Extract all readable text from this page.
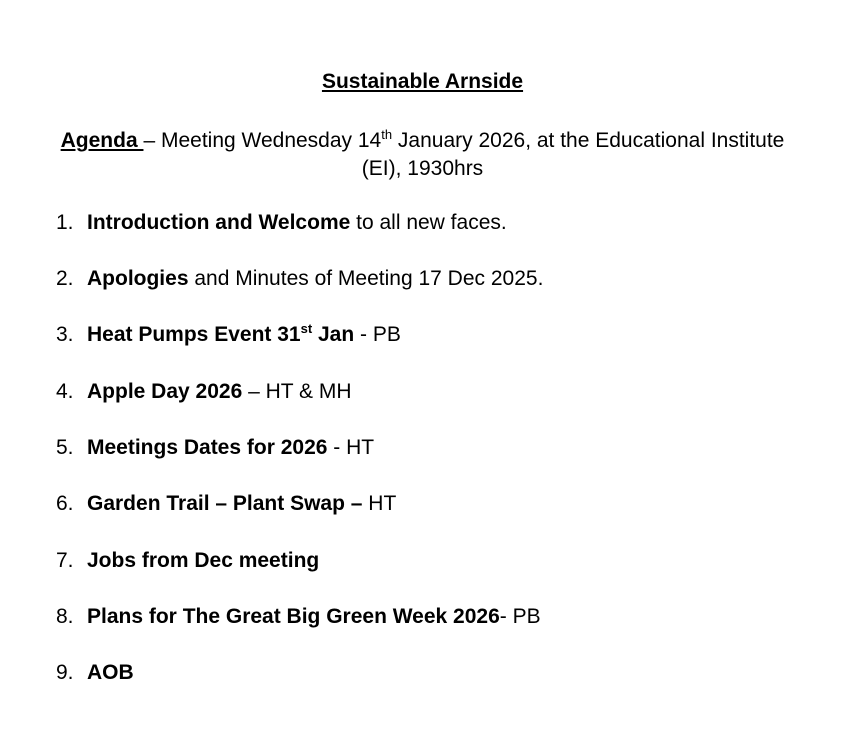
Sustainable Arnside
Agenda – Meeting Wednesday 14th January 2026, at the Educational Institute (EI), 1930hrs
1. Introduction and Welcome to all new faces.
2. Apologies and Minutes of Meeting 17 Dec 2025.
3. Heat Pumps Event 31st Jan - PB
4. Apple Day 2026 – HT & MH
5. Meetings Dates for 2026 - HT
6. Garden Trail – Plant Swap – HT
7. Jobs from Dec meeting
8. Plans for The Great Big Green Week 2026- PB
9. AOB
